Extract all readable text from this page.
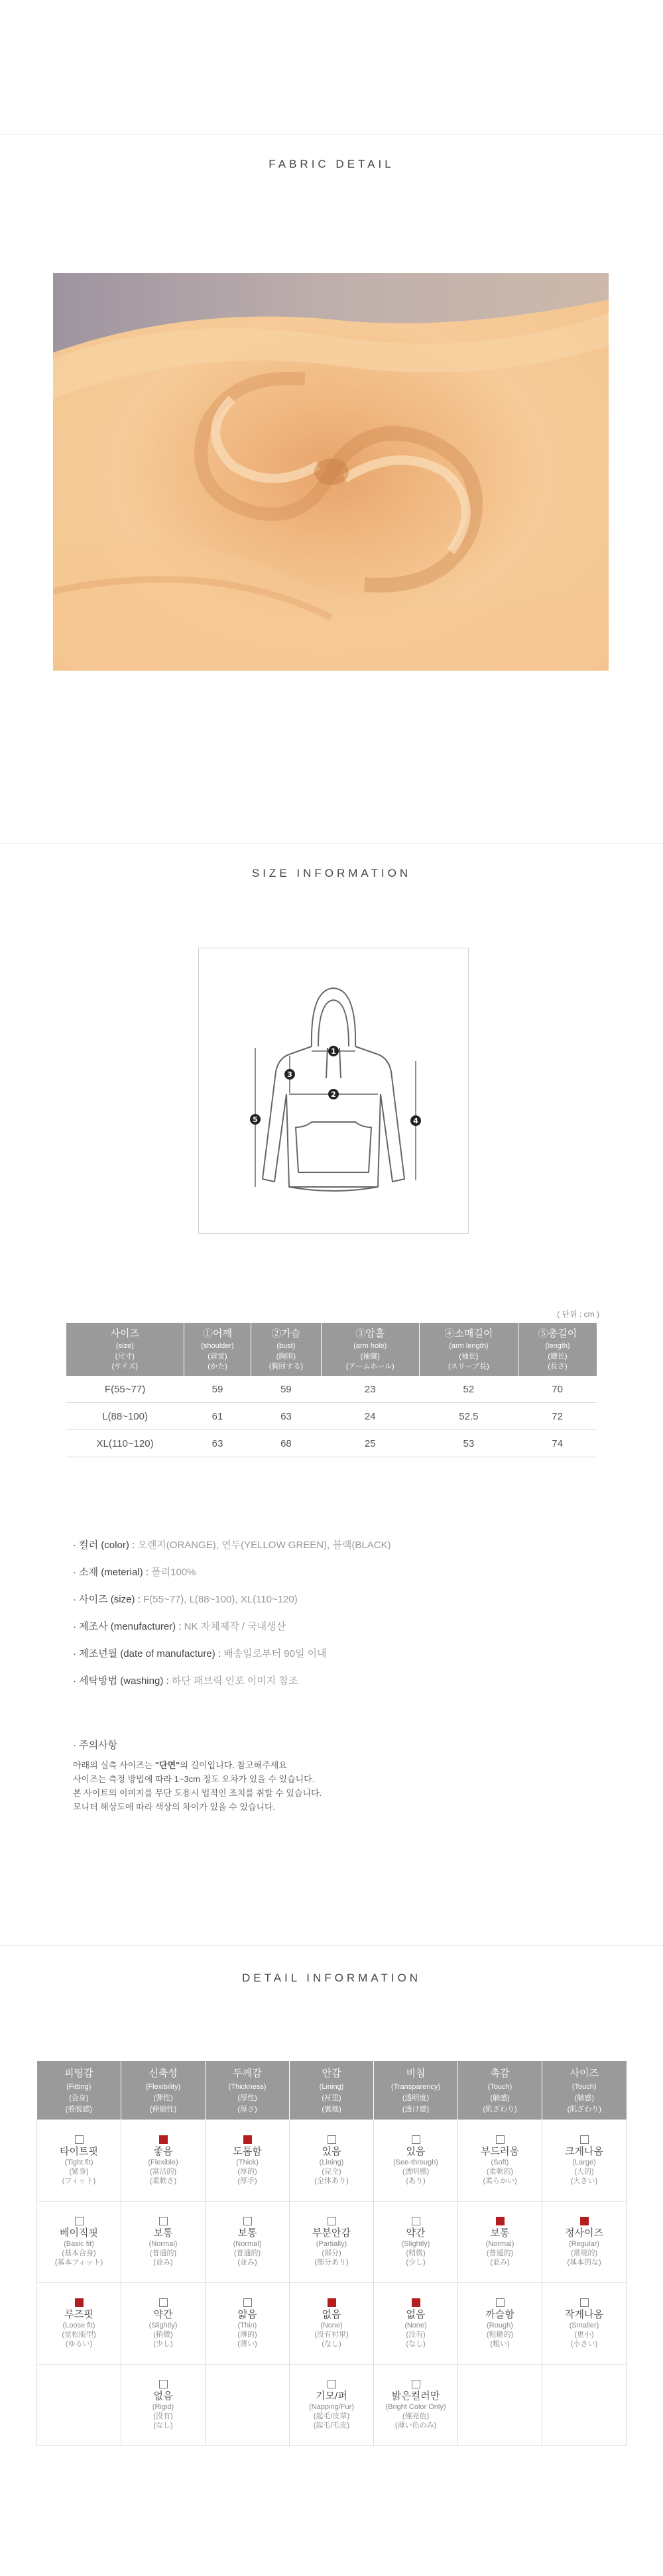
FABRIC DETAIL
SIZE INFORMATION
1
2
3
4
5
( 단위 : cm )
사이즈
(size)
(尺寸)
(サイズ)	①어깨
(shoulder)
(肩宽)
(かた)	②가슴
(bust)
(胸围)
(胸回する)	③암홀
(arm hole)
(袖窿)
(アームホール)	④소매길이
(arm length)
(袖长)
(スリーブ長)	⑤총길이
(length)
(總长)
(長さ)

F(55~77)	59	59	23	52	70
L(88~100)	61	63	24	52.5	72
XL(110~120)	63	68	25	53	74
· 컬러 (color) : 오렌지(ORANGE), 연두(YELLOW GREEN), 블랙(BLACK)
· 소재 (meterial) : 폴리100%
· 사이즈 (size) : F(55~77), L(88~100), XL(110~120)
· 제조사 (menufacturer) : NK 자체제작 / 국내생산
· 제조년월 (date of manufacture) : 배송일로부터 90일 이내
· 세탁방법 (washing) : 하단 패브릭 인포 이미지 참조
· 주의사항
아래의 실측 사이즈는 "단면"의 길이입니다. 참고해주세요
사이즈는 측정 방법에 따라 1~3cm 정도 오차가 있을 수 있습니다.
본 사이트의 이미지를 무단 도용시 법적인 조치를 취할 수 있습니다.
모니터 해상도에 따라 색상의 차이가 있을 수 있습니다.
DETAIL INFORMATION
피팅감
(Fitting)
(合身)
(着脱感)	신축성
(Flexibility)
(彈性)
(伸縮性)	두께감
(Thickness)
(厚性)
(厚さ)	안감
(Lining)
(衬里)
(裏地)	비침
(Transparency)
(透明度)
(透け感)	촉감
(Touch)
(触感)
(肌ざわり)	사이즈
(Touch)
(触感)
(肌ざわり)

타이트핏
(Tight fit)
(紧身)
(フィット)	좋음
(Flexible)
(富活的)
(柔軟さ)	도톰함
(Thick)
(厚的)
(厚手)	있음
(Lining)
(完全)
(全体あり)	있음
(See-through)
(透明感)
(あり)	부드러움
(Soft)
(柔軟的)
(柔らかい)	크게나옴
(Large)
(大的)
(大きい)

베이직핏
(Basic fit)
(基本合身)
(基本フィット)	보통
(Normal)
(普通的)
(並み)	보통
(Normal)
(普通的)
(並み)	부분안감
(Partially)
(部分)
(部分あり)	약간
(Slightly)
(稍微)
(少し)	보통
(Normal)
(普通的)
(並み)	정사이즈
(Regular)
(常规的)
(基本的な)

루즈핏
(Loose fit)
(宽松版型)
(ゆるい)	약간
(Slightly)
(稍微)
(少し)	얇음
(Thin)
(薄的)
(薄い)	없음
(None)
(没有衬里)
(なし)	없음
(None)
(没有)
(なし)	까슬함
(Rough)
(粗糙的)
(粗い)	작게나옴
(Smaller)
(更小)
(小さい)

	없음
(Rigid)
(没有)
(なし)		기모/퍼
(Napping/Fur)
(起毛/皮草)
(起毛/毛皮)	밝은컬러만
(Bright Color Only)
(僅亮色)
(薄い色のみ)		
